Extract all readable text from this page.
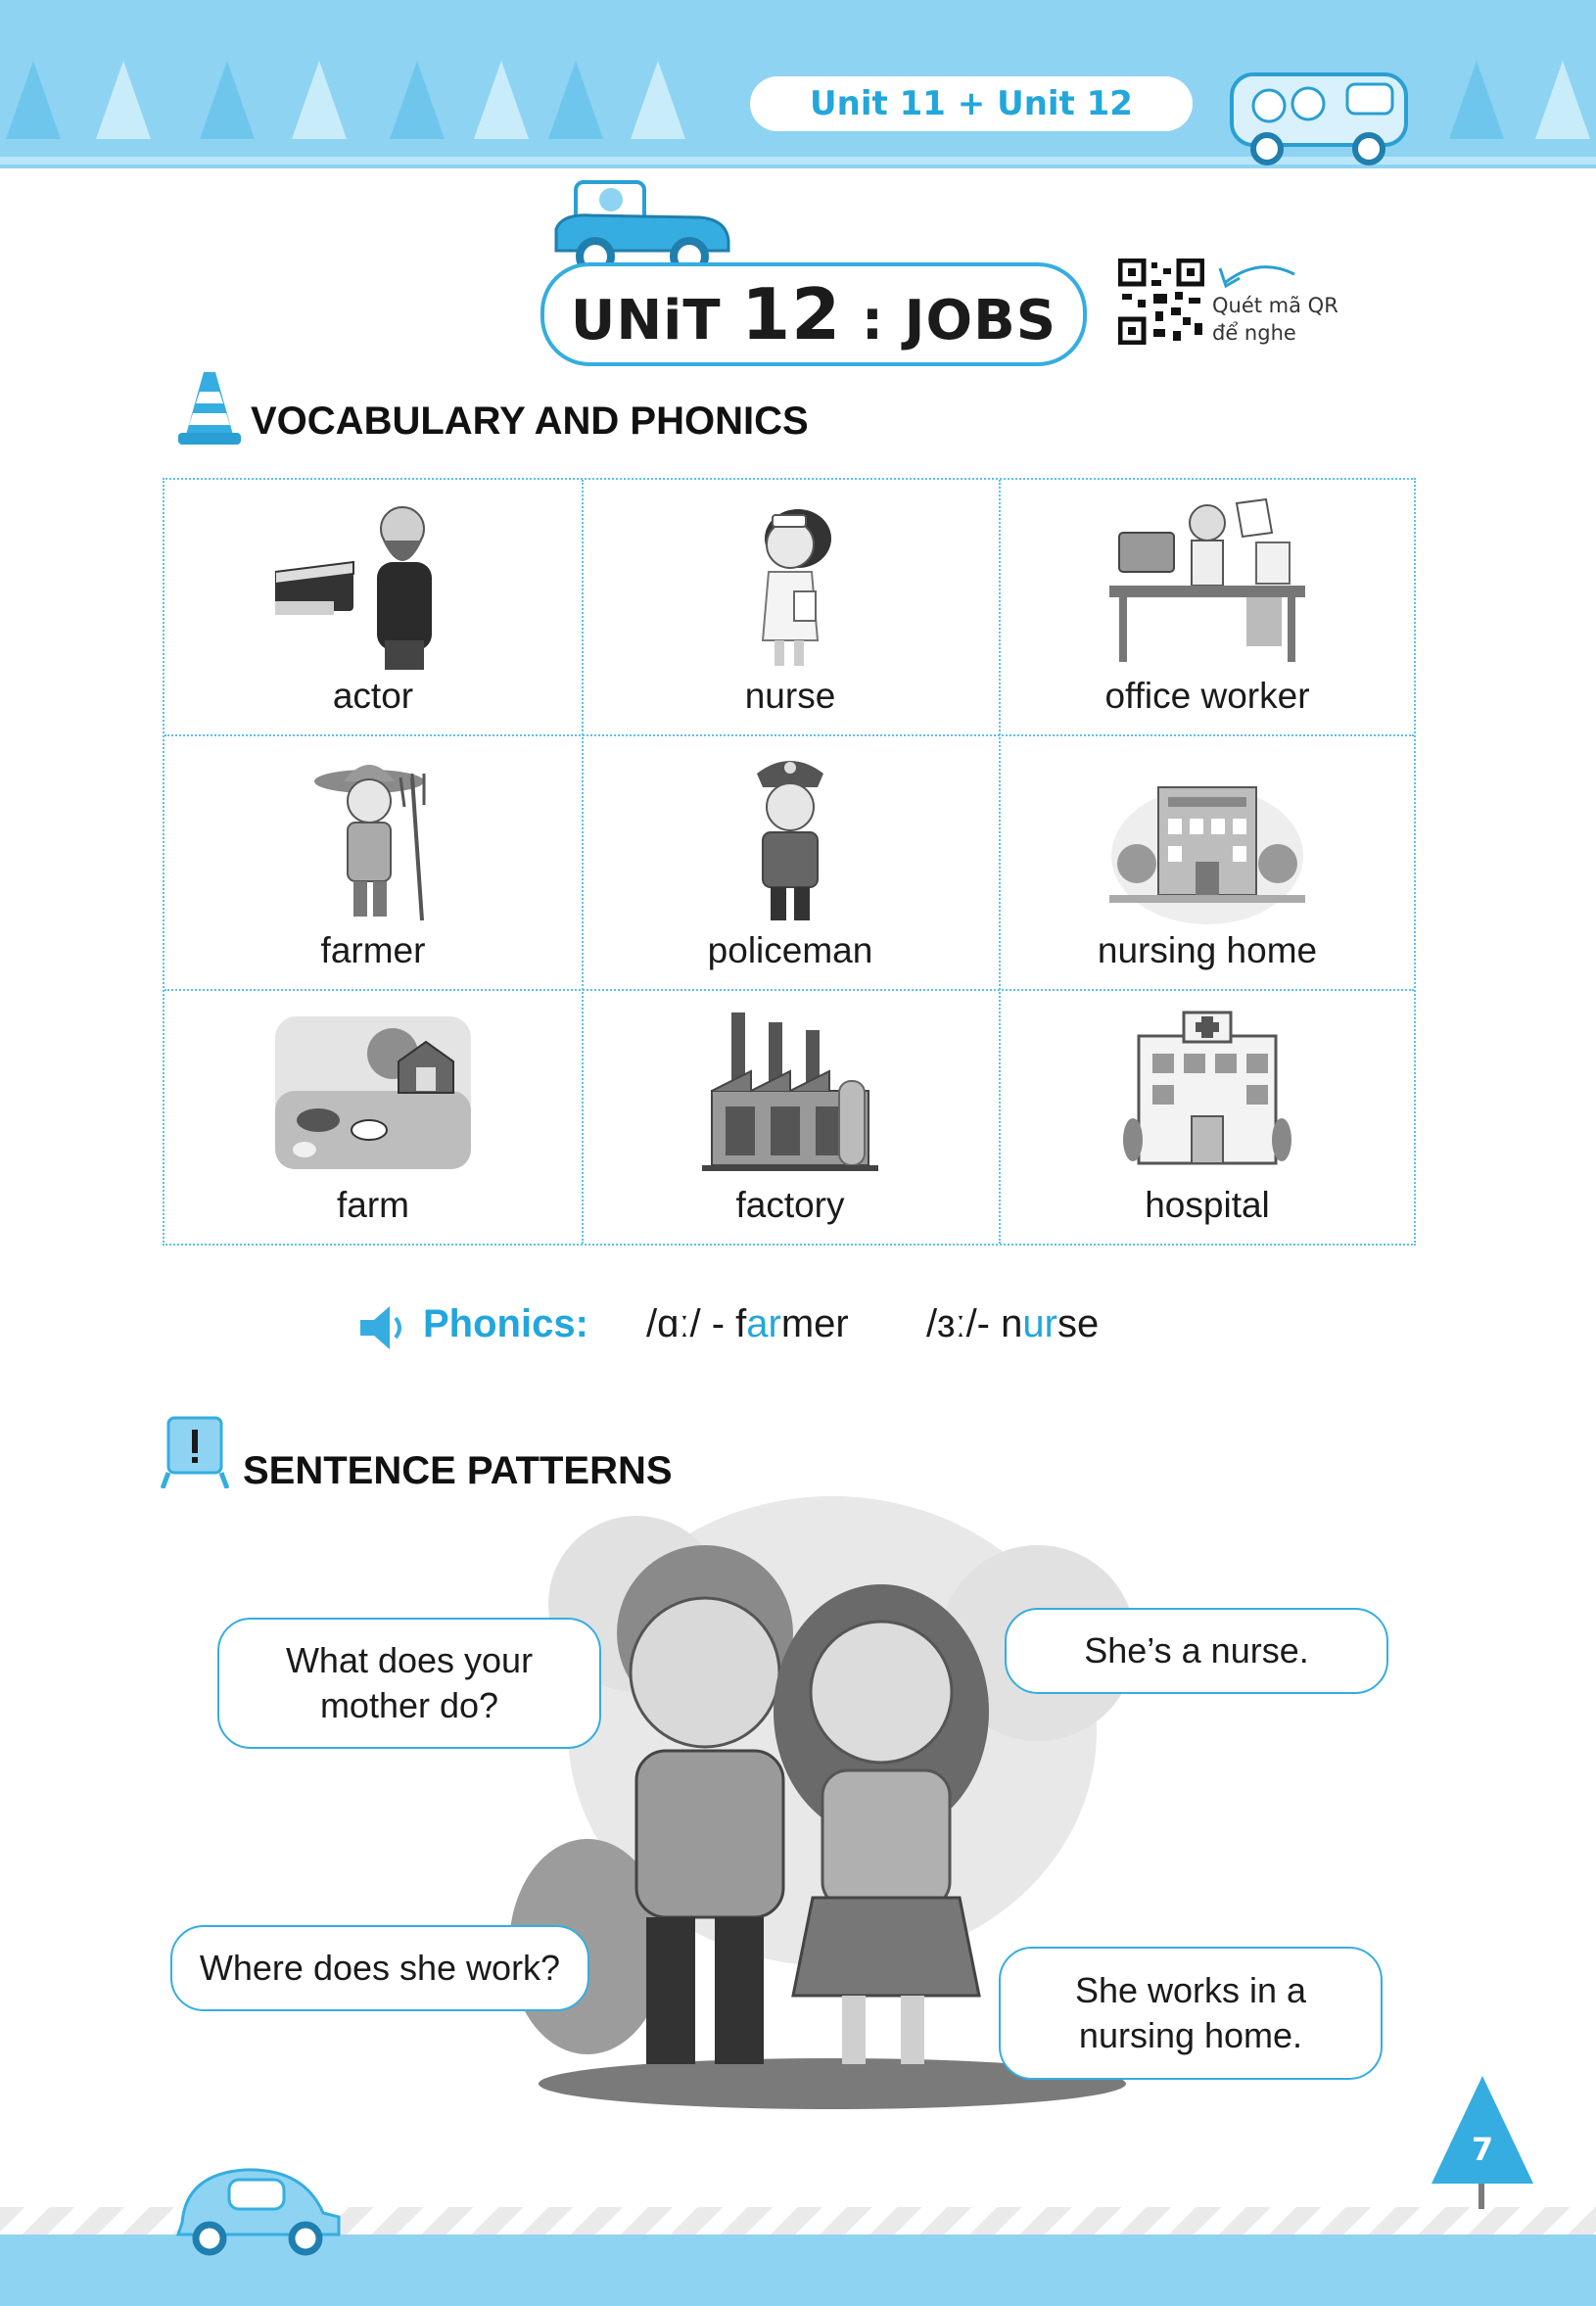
Unit 11 + Unit 12
UNiT 12 : JOBS	Quét mã QR
để nghe
VOCABULARY AND PHONICS
actor	nurse	office worker
farmer	policeman	nursing home
farm	factory	hospital
Phonics: /ɑː/ - farmer /ɜː/- nurse
SENTENCE PATTERNS
What does your mother do?
She’s a nurse.
Where does she work?
She works in a nursing home.
7
